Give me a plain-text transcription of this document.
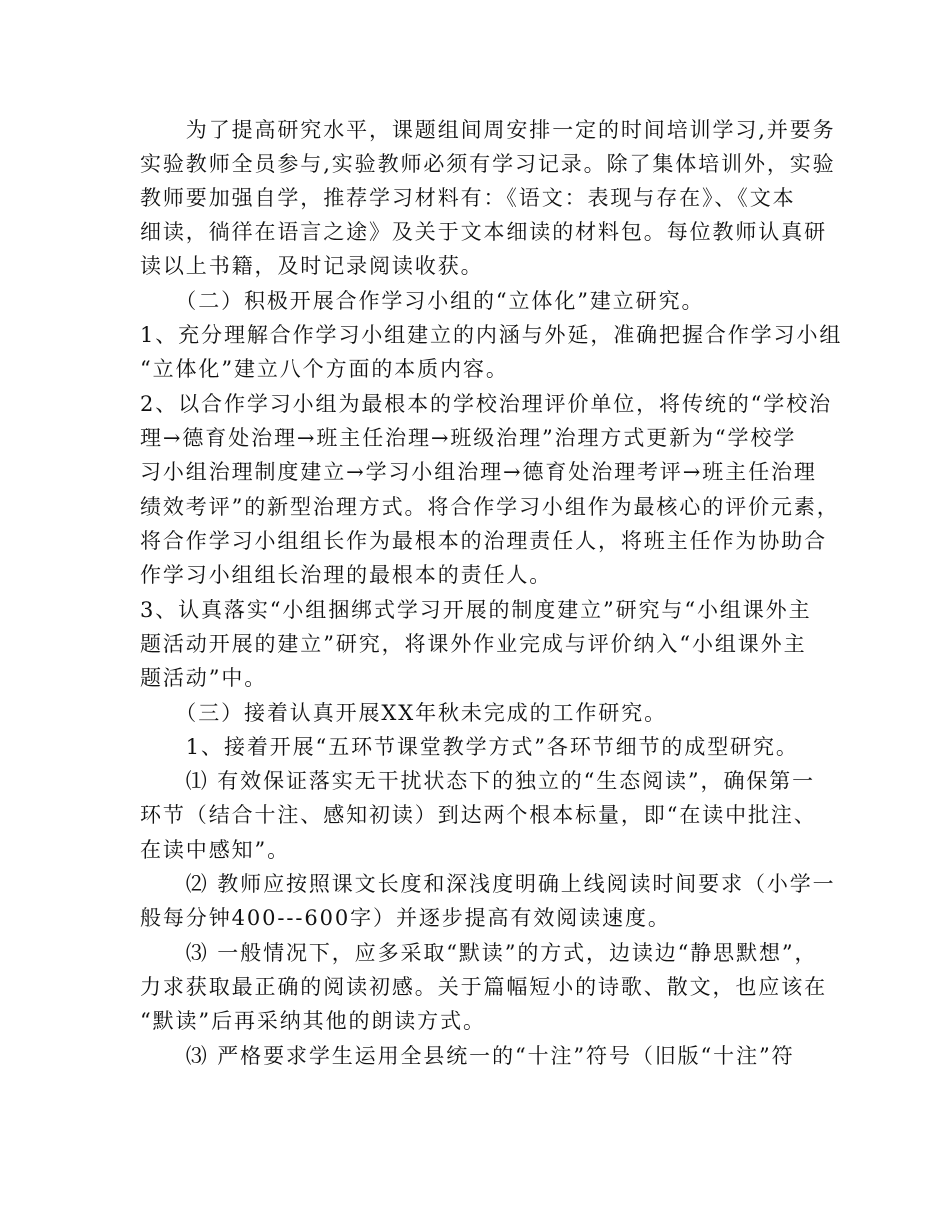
　　为了提高研究水平，课题组间周安排一定的时间培训学习,并要务
实验教师全员参与,实验教师必须有学习记录。除了集体培训外，实验
教师要加强自学，推荐学习材料有：《语文：表现与存在》、《文本
细读，徜徉在语言之途》及关于文本细读的材料包。每位教师认真研
读以上书籍，及时记录阅读收获。
　　（二）积极开展合作学习小组的“立体化”建立研究。
1、充分理解合作学习小组建立的内涵与外延，准确把握合作学习小组
“立体化”建立八个方面的本质内容。
2、以合作学习小组为最根本的学校治理评价单位，将传统的“学校治
理→德育处治理→班主任治理→班级治理”治理方式更新为“学校学
习小组治理制度建立→学习小组治理→德育处治理考评→班主任治理
绩效考评”的新型治理方式。将合作学习小组作为最核心的评价元素，
将合作学习小组组长作为最根本的治理责任人，将班主任作为协助合
作学习小组组长治理的最根本的责任人。
3、认真落实“小组捆绑式学习开展的制度建立”研究与“小组课外主
题活动开展的建立”研究，将课外作业完成与评价纳入“小组课外主
题活动”中。
　　（三）接着认真开展XX年秋未完成的工作研究。
　　1、接着开展“五环节课堂教学方式”各环节细节的成型研究。
　　⑴ 有效保证落实无干扰状态下的独立的“生态阅读”，确保第一
环节（结合十注、感知初读）到达两个根本标量，即“在读中批注、
在读中感知”。
　　⑵ 教师应按照课文长度和深浅度明确上线阅读时间要求（小学一
般每分钟400---600字）并逐步提高有效阅读速度。
　　⑶ 一般情况下，应多采取“默读”的方式，边读边“静思默想”，
力求获取最正确的阅读初感。关于篇幅短小的诗歌、散文，也应该在
“默读”后再采纳其他的朗读方式。
　　⑶ 严格要求学生运用全县统一的“十注”符号（旧版“十注”符
